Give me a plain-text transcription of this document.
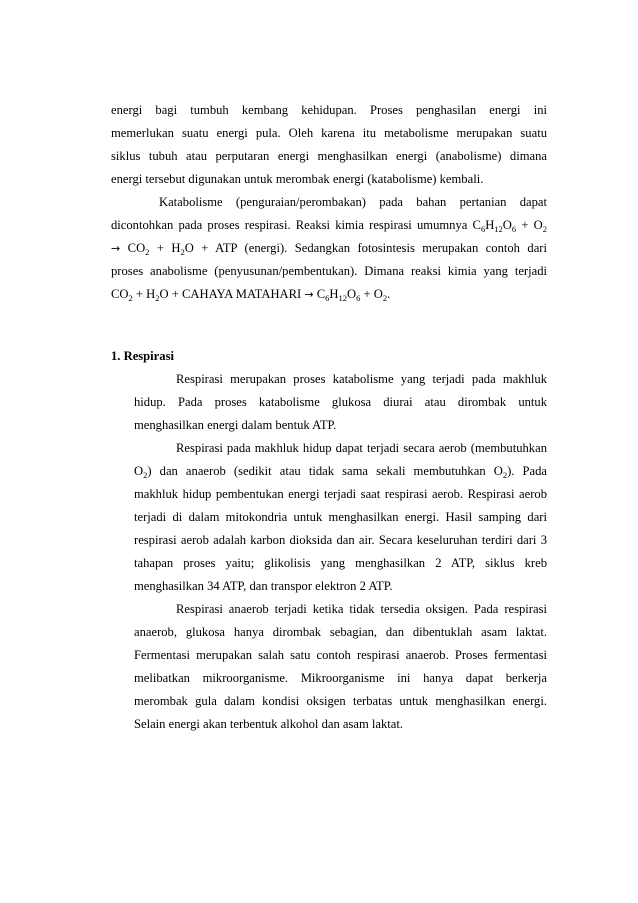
energi bagi tumbuh kembang kehidupan. Proses penghasilan energi ini
memerlukan suatu energi pula. Oleh karena itu metabolisme merupakan suatu
siklus tubuh atau perputaran energi menghasilkan energi (anabolisme) dimana
energi tersebut digunakan untuk merombak energi (katabolisme) kembali.
Katabolisme (penguraian/perombakan) pada bahan pertanian dapat
dicontohkan pada proses respirasi. Reaksi kimia respirasi umumnya $C_6H_{12}O_6 + O_2$
→ $CO_2 + H_2O$ + ATP (energi). Sedangkan fotosintesis merupakan contoh dari
proses anabolisme (penyusunan/pembentukan). Dimana reaksi kimia yang terjadi
$CO_2 + H_2O$ + CAHAYA MATAHARI → $C_6H_{12}O_6 + O_2$.
1. Respirasi
Respirasi merupakan proses katabolisme yang terjadi pada makhluk
hidup. Pada proses katabolisme glukosa diurai atau dirombak untuk
menghasilkan energi dalam bentuk ATP.
Respirasi pada makhluk hidup dapat terjadi secara aerob (membutuhkan
$O_2$) dan anaerob (sedikit atau tidak sama sekali membutuhkan $O_2$). Pada
makhluk hidup pembentukan energi terjadi saat respirasi aerob. Respirasi aerob
terjadi di dalam mitokondria untuk menghasilkan energi. Hasil samping dari
respirasi aerob adalah karbon dioksida dan air. Secara keseluruhan terdiri dari 3
tahapan proses yaitu; glikolisis yang menghasilkan 2 ATP, siklus kreb
menghasilkan 34 ATP, dan transpor elektron 2 ATP.
Respirasi anaerob terjadi ketika tidak tersedia oksigen. Pada respirasi
anaerob, glukosa hanya dirombak sebagian, dan dibentuklah asam laktat.
Fermentasi merupakan salah satu contoh respirasi anaerob. Proses fermentasi
melibatkan mikroorganisme. Mikroorganisme ini hanya dapat berkerja
merombak gula dalam kondisi oksigen terbatas untuk menghasilkan energi.
Selain energi akan terbentuk alkohol dan asam laktat.
